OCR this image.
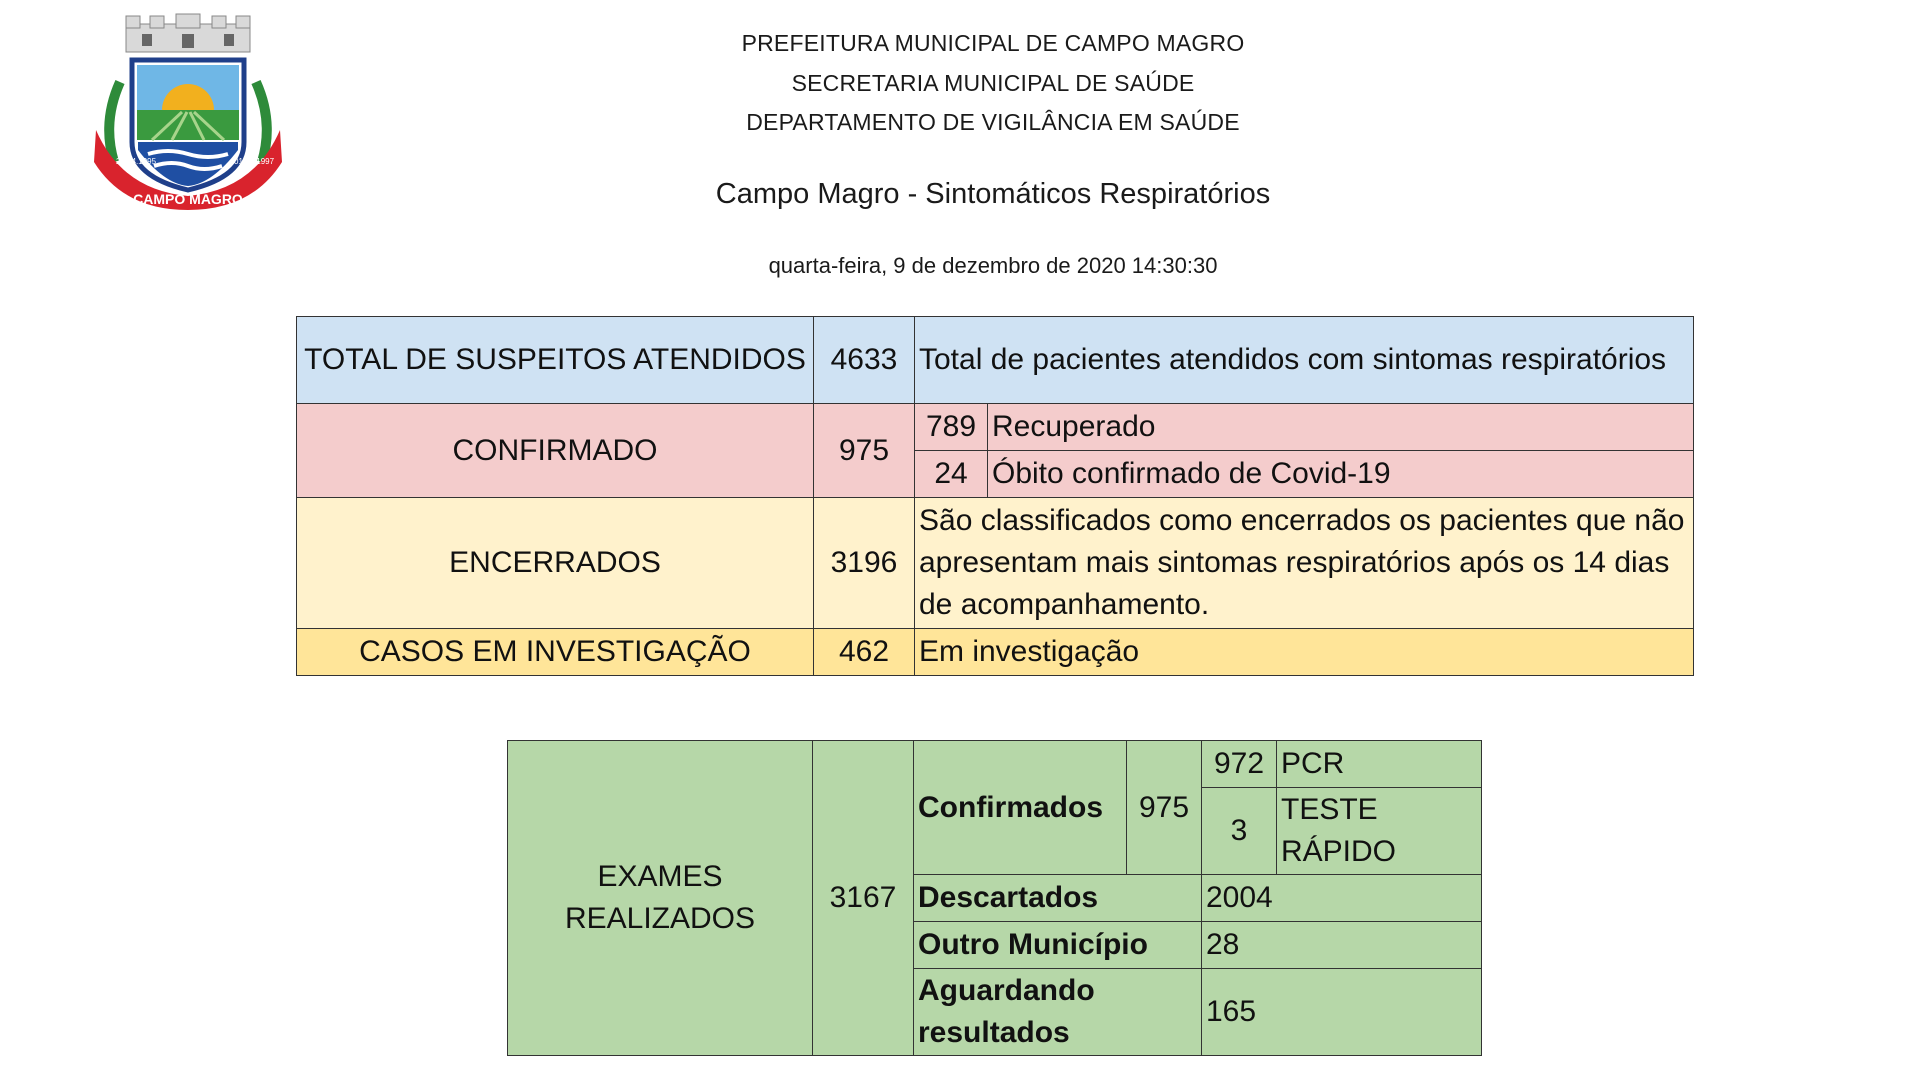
CAMPO MAGRO
20.04.1995	01.01.1997
PREFEITURA MUNICIPAL DE CAMPO MAGRO
SECRETARIA MUNICIPAL DE SAÚDE
DEPARTAMENTO DE VIGILÂNCIA EM SAÚDE
Campo Magro - Sintomáticos Respiratórios
quarta-feira, 9 de dezembro de 2020 14:30:30
TOTAL DE SUSPEITOS ATENDIDOS	4633	Total de pacientes atendidos com sintomas respiratórios	
CONFIRMADO	975	789	Recuperado
		24	Óbito confirmado de Covid-19
ENCERRADOS	3196	São classificados como encerrados os pacientes que não apresentam mais sintomas respiratórios após os 14 dias de acompanhamento.	
CASOS EM INVESTIGAÇÃO	462	Em investigação	
EXAMES REALIZADOS	3167	Confirmados	975	972	PCR
				3	TESTE RÁPIDO
		Descartados		2004	
		Outro Município		28	
		Aguardando resultados		165	
